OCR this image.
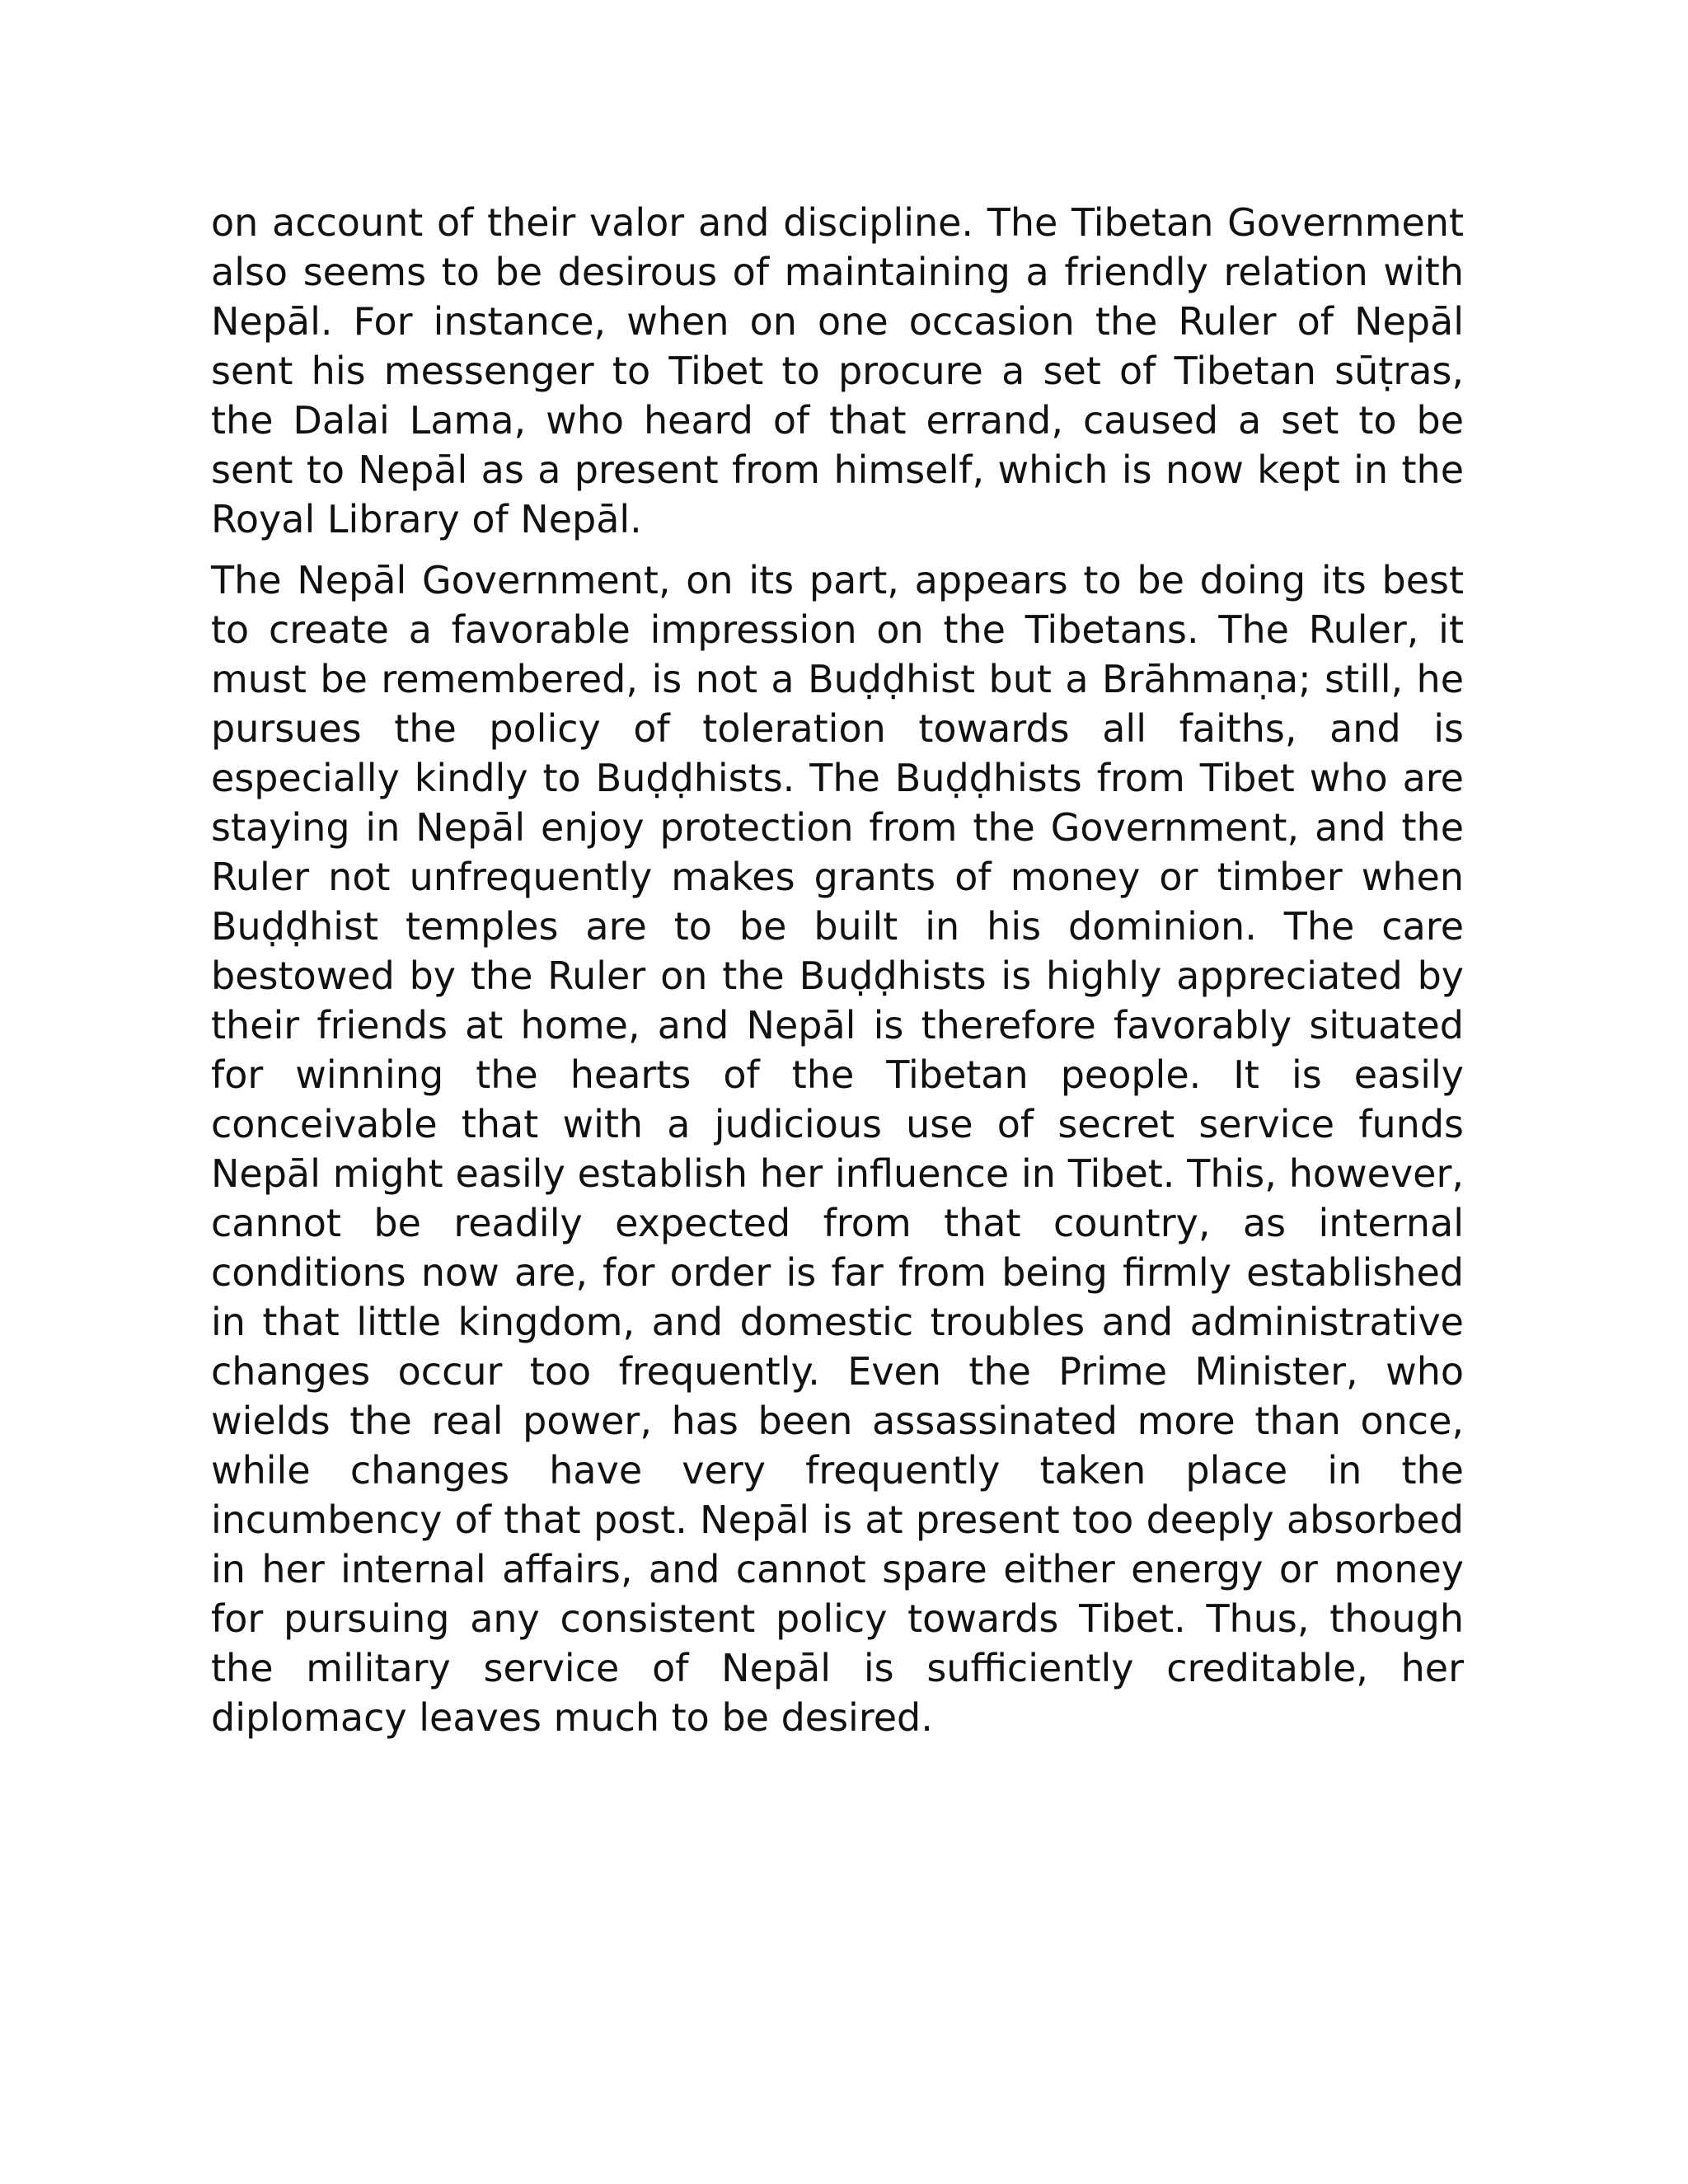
on account of their valor and discipline. The Tibetan Government also seems to be desirous of maintaining a friendly relation with Nepāl. For instance, when on one occasion the Ruler of Nepāl sent his messenger to Tibet to procure a set of Tibetan sūṭras, the Dalai Lama, who heard of that errand, caused a set to be sent to Nepāl as a present from himself, which is now kept in the Royal Library of Nepāl.

The Nepāl Government, on its part, appears to be doing its best to create a favorable impression on the Tibetans. The Ruler, it must be remembered, is not a Buḍḍhist but a Brāhmaṇa; still, he pursues the policy of toleration towards all faiths, and is especially kindly to Buḍḍhists. The Buḍḍhists from Tibet who are staying in Nepāl enjoy protection from the Government, and the Ruler not unfrequently makes grants of money or timber when Buḍḍhist temples are to be built in his dominion. The care bestowed by the Ruler on the Buḍḍhists is highly appreciated by their friends at home, and Nepāl is therefore favorably situated for winning the hearts of the Tibetan people. It is easily conceivable that with a judicious use of secret service funds Nepāl might easily establish her influence in Tibet. This, however, cannot be readily expected from that country, as internal conditions now are, for order is far from being firmly established in that little kingdom, and domestic troubles and administrative changes occur too frequently. Even the Prime Minister, who wields the real power, has been assassinated more than once, while changes have very frequently taken place in the incumbency of that post. Nepāl is at present too deeply absorbed in her internal affairs, and cannot spare either energy or money for pursuing any consistent policy towards Tibet. Thus, though the military service of Nepāl is sufficiently creditable, her diplomacy leaves much to be desired.
